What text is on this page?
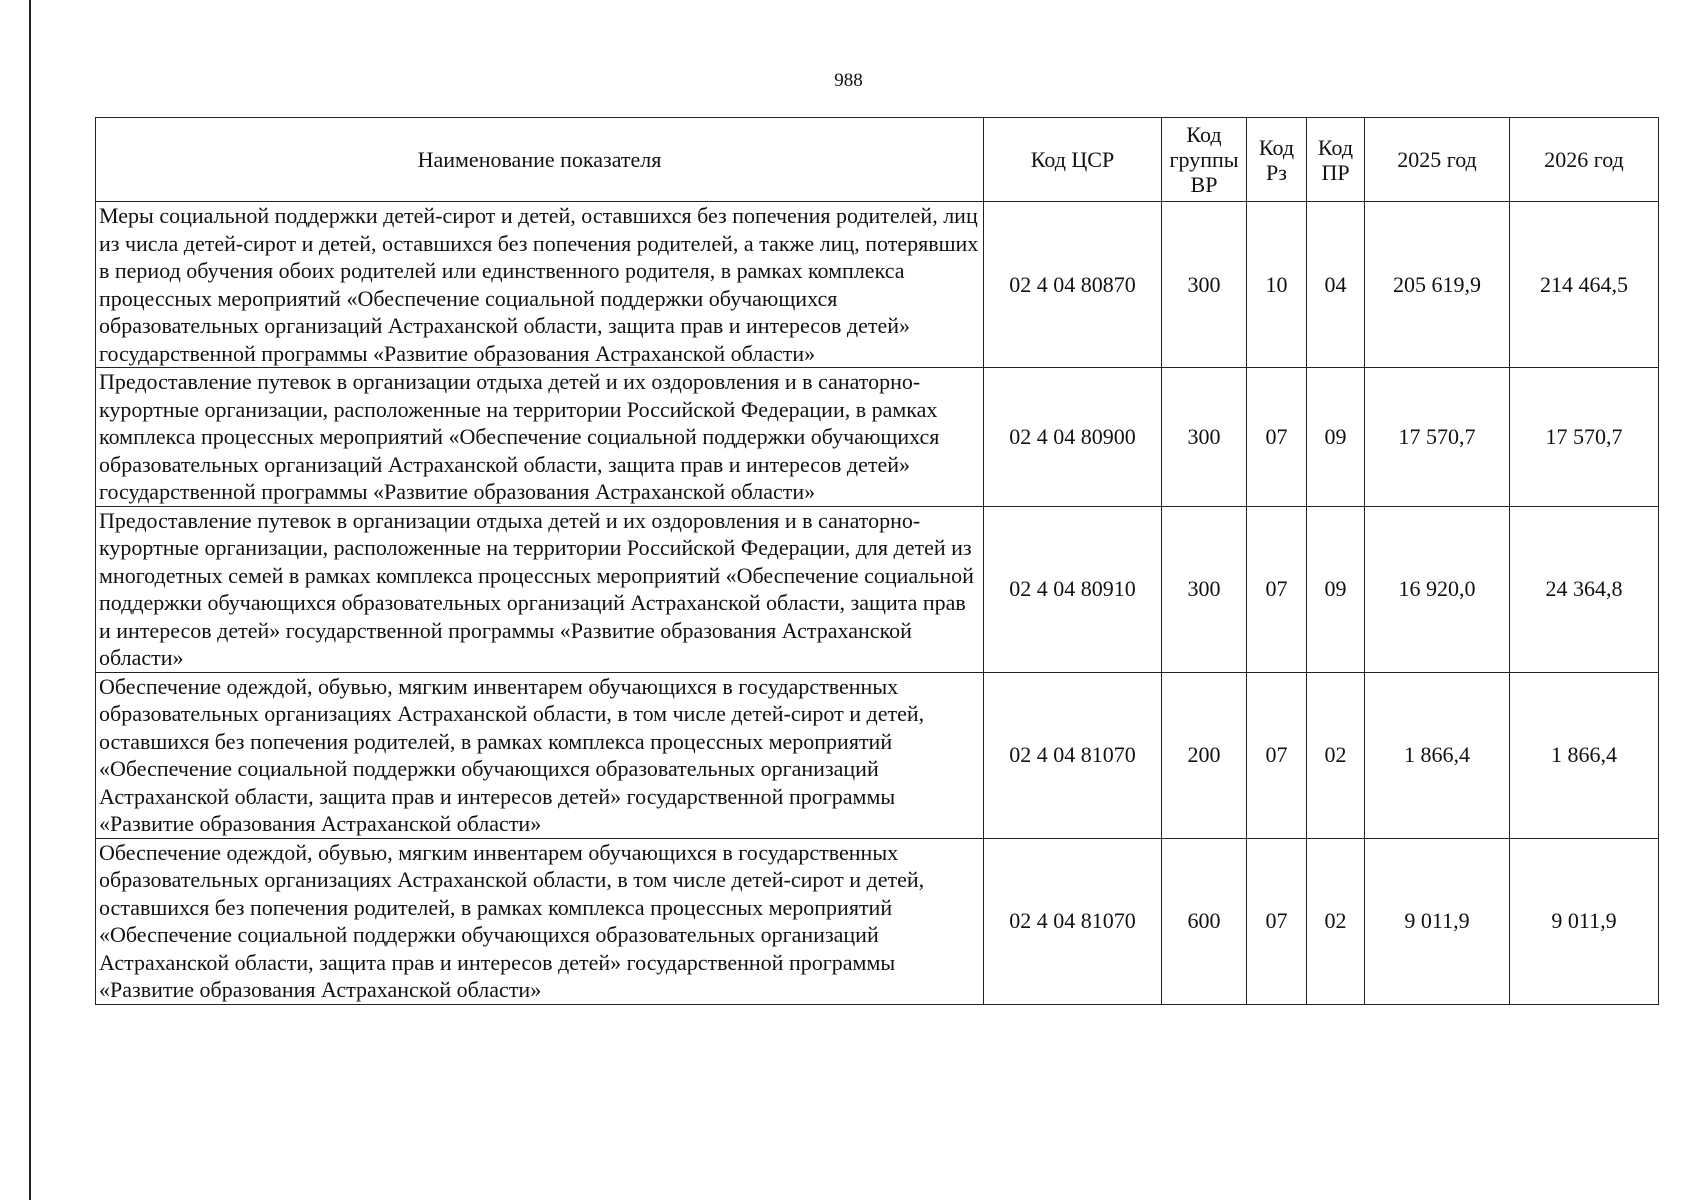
988
Наименование показателя	Код ЦСР	Код группы ВР	Код Рз	Код ПР	2025 год	2026 год
Меры социальной поддержки детей-сирот и детей, оставшихся без попечения родителей, лиц из числа детей-сирот и детей, оставшихся без попечения родителей, а также лиц, потерявших в период обучения обоих родителей или единственного родителя, в рамках комплекса процессных мероприятий «Обеспечение социальной поддержки обучающихся образовательных организаций Астраханской области, защита прав и интересов детей» государственной программы «Развитие образования Астраханской области»	02 4 04 80870	300	10	04	205 619,9	214 464,5
Предоставление путевок в организации отдыха детей и их оздоровления и в санаторно-курортные организации, расположенные на территории Российской Федерации, в рамках комплекса процессных мероприятий «Обеспечение социальной поддержки обучающихся образовательных организаций Астраханской области, защита прав и интересов детей» государственной программы «Развитие образования Астраханской области»	02 4 04 80900	300	07	09	17 570,7	17 570,7
Предоставление путевок в организации отдыха детей и их оздоровления и в санаторно-курортные организации, расположенные на территории Российской Федерации, для детей из многодетных семей в рамках комплекса процессных мероприятий «Обеспечение социальной поддержки обучающихся образовательных организаций Астраханской области, защита прав и интересов детей» государственной программы «Развитие образования Астраханской области»	02 4 04 80910	300	07	09	16 920,0	24 364,8
Обеспечение одеждой, обувью, мягким инвентарем обучающихся в государственных образовательных организациях Астраханской области, в том числе детей-сирот и детей, оставшихся без попечения родителей, в рамках комплекса процессных мероприятий «Обеспечение социальной поддержки обучающихся образовательных организаций Астраханской области, защита прав и интересов детей» государственной программы «Развитие образования Астраханской области»	02 4 04 81070	200	07	02	1 866,4	1 866,4
Обеспечение одеждой, обувью, мягким инвентарем обучающихся в государственных образовательных организациях Астраханской области, в том числе детей-сирот и детей, оставшихся без попечения родителей, в рамках комплекса процессных мероприятий «Обеспечение социальной поддержки обучающихся образовательных организаций Астраханской области, защита прав и интересов детей» государственной программы «Развитие образования Астраханской области»	02 4 04 81070	600	07	02	9 011,9	9 011,9
